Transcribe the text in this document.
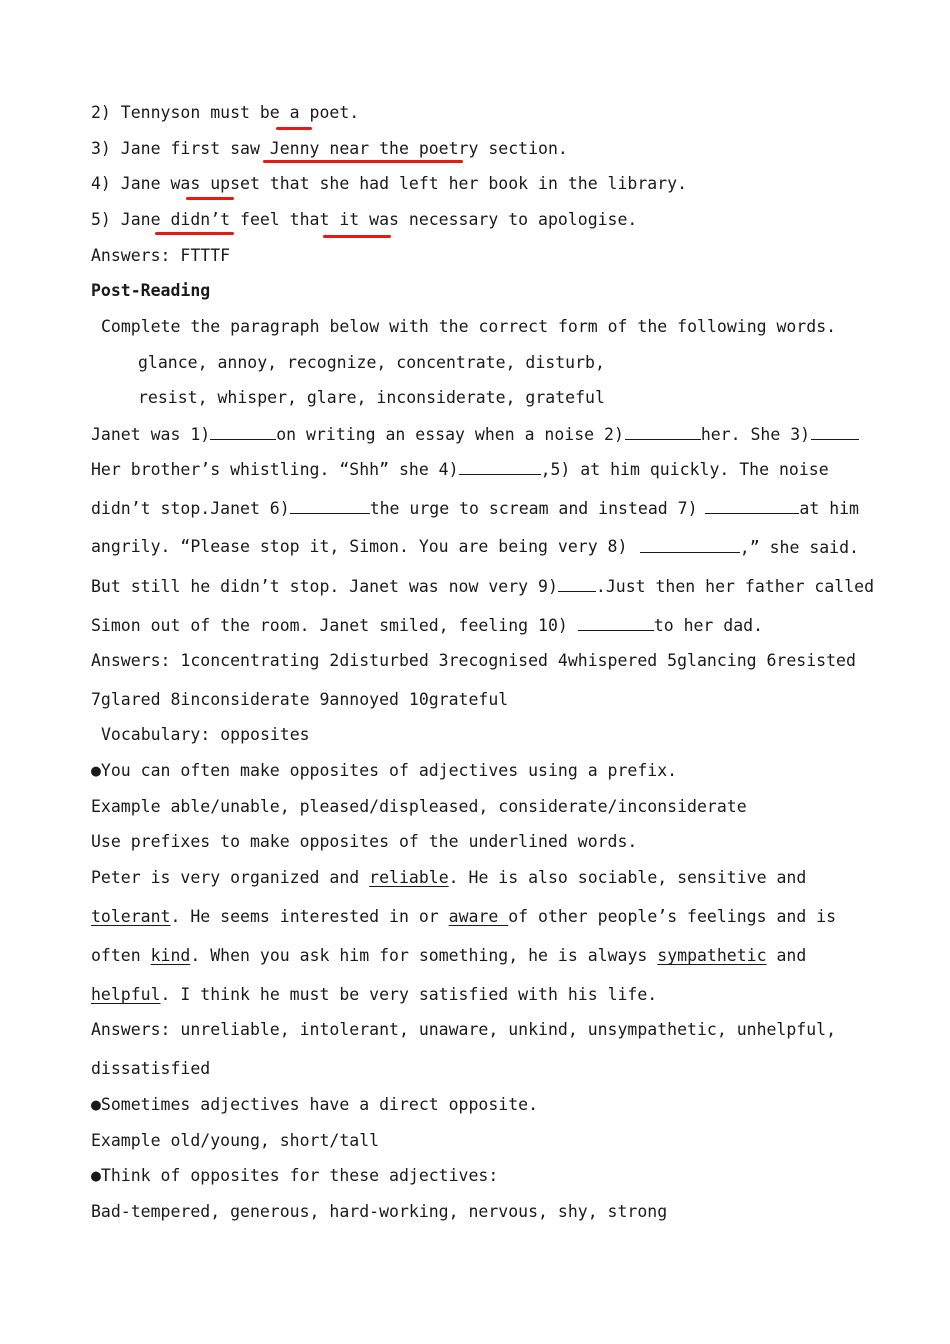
2) Tennyson must be a poet.
3) Jane first saw Jenny near the poetry section.
4) Jane was upset that she had left her book in the library.
5) Jane didn’t feel that it was necessary to apologise.
Answers: FTTTF
Post-Reading
Complete the paragraph below with the correct form of the following words.
glance, annoy, recognize, concentrate, disturb,
resist, whisper, glare, inconsiderate, grateful
Janet was 1)	on writing an essay when a noise 2)	her. She 3)
Her brother’s whistling. “Shh” she 4)	,5) at him quickly. The noise
didn’t stop.Janet 6)	the urge to scream and instead 7)	at him
angrily. “Please stop it, Simon. You are being very 8)	,” she said.
But still he didn’t stop. Janet was now very 9) .Just then her father called
Simon out of the room. Janet smiled, feeling 10)	to her dad.
Answers: 1concentrating 2disturbed 3recognised 4whispered 5glancing 6resisted
7glared 8inconsiderate 9annoyed 10grateful
Vocabulary: opposites
●You can often make opposites of adjectives using a prefix.
Example able/unable, pleased/displeased, considerate/inconsiderate
Use prefixes to make opposites of the underlined words.
Peter is very organized and reliable. He is also sociable, sensitive and
tolerant. He seems interested in or aware of other people’s feelings and is
often kind. When you ask him for something, he is always sympathetic and
helpful. I think he must be very satisfied with his life.
Answers: unreliable, intolerant, unaware, unkind, unsympathetic, unhelpful,
dissatisfied
●Sometimes adjectives have a direct opposite.
Example old/young, short/tall
●Think of opposites for these adjectives:
Bad-tempered, generous, hard-working, nervous, shy, strong
